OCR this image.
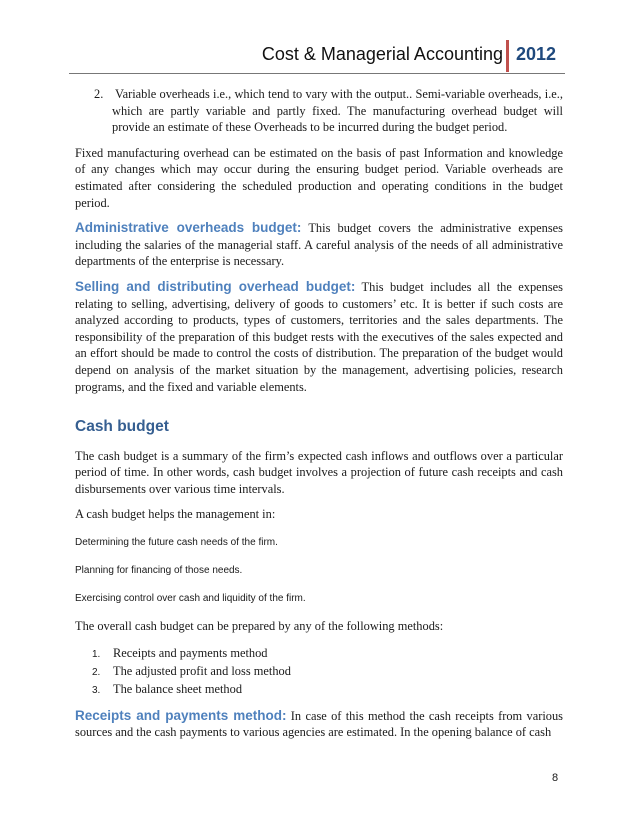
Cost & Managerial Accounting 2012

2. Variable overheads i.e., which tend to vary with the output.. Semi-variable overheads, i.e., which are partly variable and partly fixed. The manufacturing overhead budget will provide an estimate of these Overheads to be incurred during the budget period.

Fixed manufacturing overhead can be estimated on the basis of past Information and knowledge of any changes which may occur during the ensuring budget period. Variable overheads are estimated after considering the scheduled production and operating conditions in the budget period.

Administrative overheads budget: This budget covers the administrative expenses including the salaries of the managerial staff. A careful analysis of the needs of all administrative departments of the enterprise is necessary.

Selling and distributing overhead budget: This budget includes all the expenses relating to selling, advertising, delivery of goods to customers’ etc. It is better if such costs are analyzed according to products, types of customers, territories and the sales departments. The responsibility of the preparation of this budget rests with the executives of the sales expected and an effort should be made to control the costs of distribution. The preparation of the budget would depend on analysis of the market situation by the management, advertising policies, research programs, and the fixed and variable elements.

Cash budget

The cash budget is a summary of the firm’s expected cash inflows and outflows over a particular period of time. In other words, cash budget involves a projection of future cash receipts and cash disbursements over various time intervals.

A cash budget helps the management in:

Determining the future cash needs of the firm.

Planning for financing of those needs.

Exercising control over cash and liquidity of the firm.

The overall cash budget can be prepared by any of the following methods:

1. Receipts and payments method
2. The adjusted profit and loss method
3. The balance sheet method

Receipts and payments method: In case of this method the cash receipts from various sources and the cash payments to various agencies are estimated. In the opening balance of cash

8
